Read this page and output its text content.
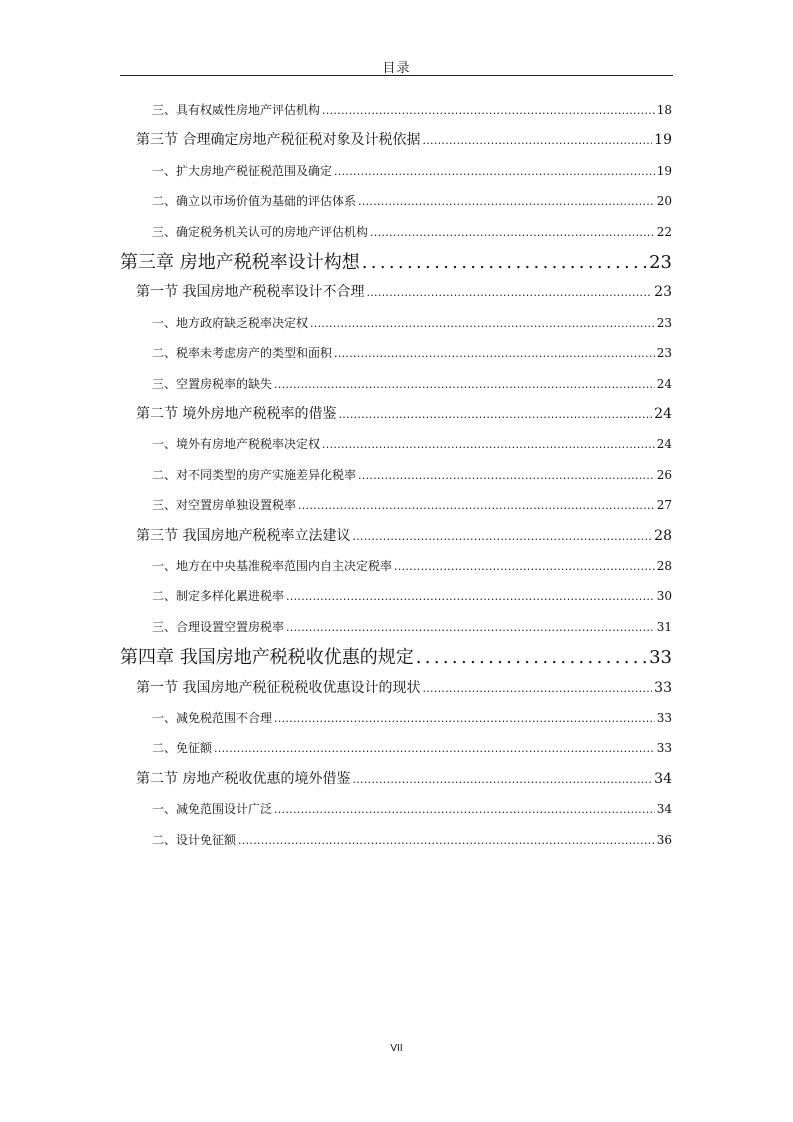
目录
三、具有权威性房地产评估机构 . . .	18
第三节 合理确定房地产税征税对象及计税依据 . . .	19
一、扩大房地产税征税范围及确定 . . .	19
二、确立以市场价值为基础的评估体系 . . .	20
三、确定税务机关认可的房地产评估机构 . . .	22
第三章 房地产税税率设计构想 . . .	23
第一节 我国房地产税税率设计不合理 . . .	23
一、地方政府缺乏税率决定权 . . .	23
二、税率未考虑房产的类型和面积 . . .	23
三、空置房税率的缺失 . . .	24
第二节 境外房地产税税率的借鉴 . . .	24
一、境外有房地产税税率决定权 . . .	24
二、对不同类型的房产实施差异化税率 . . .	26
三、对空置房单独设置税率 . . .	27
第三节 我国房地产税税率立法建议 . . .	28
一、地方在中央基准税率范围内自主决定税率 . . .	28
二、制定多样化累进税率 . . .	30
三、合理设置空置房税率 . . .	31
第四章 我国房地产税税收优惠的规定 . . .	33
第一节 我国房地产税征税税收优惠设计的现状 . . .	33
一、减免税范围不合理 . . .	33
二、免征额 . . .	33
第二节 房地产税收优惠的境外借鉴 . . .	34
一、减免范围设计广泛 . . .	34
二、设计免征额 . . .	36
VII
